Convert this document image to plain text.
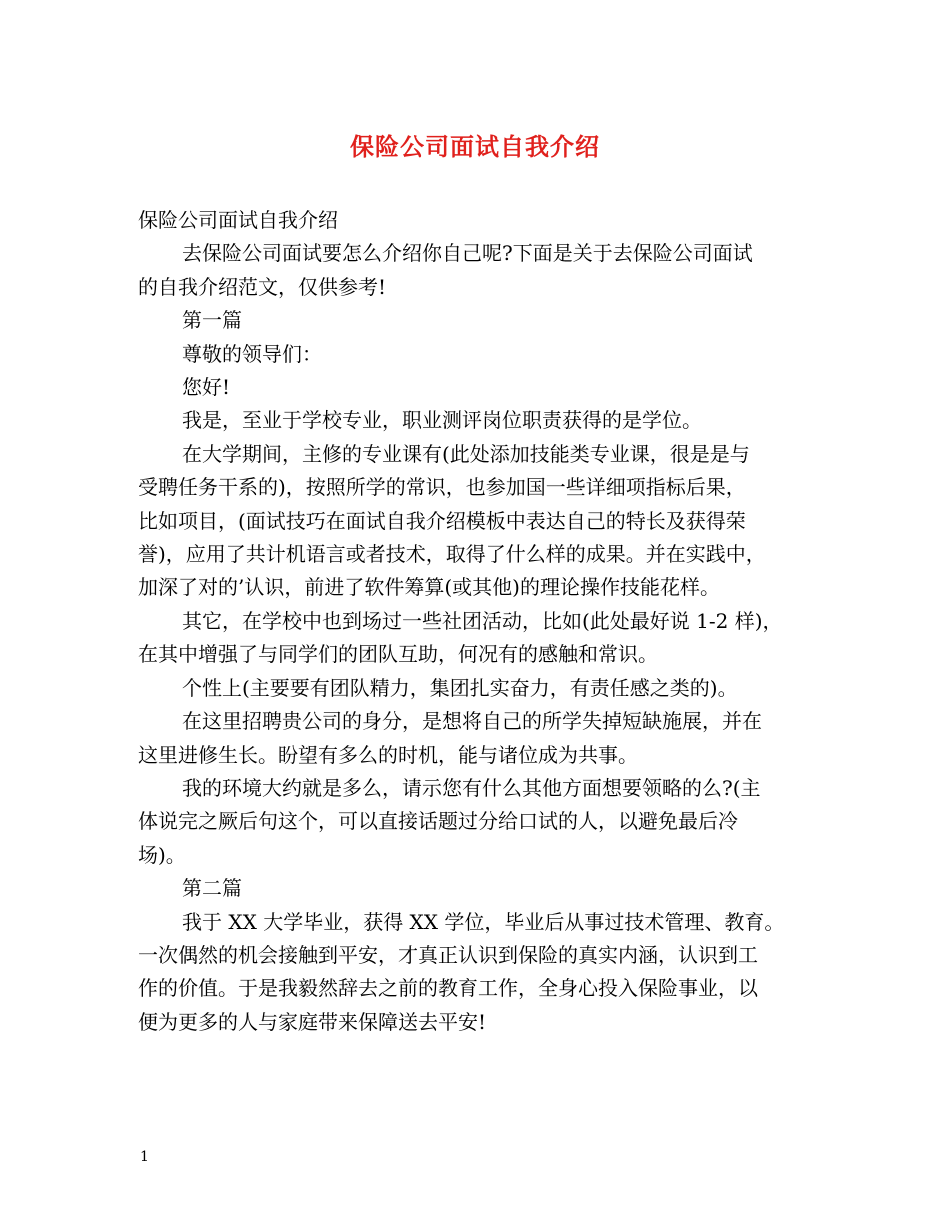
保险公司面试自我介绍

保险公司面试自我介绍

去保险公司面试要怎么介绍你自己呢?下面是关于去保险公司面试

的自我介绍范文，仅供参考!

第一篇

尊敬的领导们：

您好!

我是，至业于学校专业，职业测评岗位职责获得的是学位。

在大学期间，主修的专业课有(此处添加技能类专业课，很是是与

受聘任务干系的)，按照所学的常识，也参加国一些详细项指标后果，

比如项目，(面试技巧在面试自我介绍模板中表达自己的特长及获得荣

誉)，应用了共计机语言或者技术，取得了什么样的成果。并在实践中，

加深了对的’认识，前进了软件筹算(或其他)的理论操作技能花样。

其它，在学校中也到场过一些社团活动，比如(此处最好说 1-2 样)，

在其中增强了与同学们的团队互助，何况有的感触和常识。

个性上(主要要有团队精力，集团扎实奋力，有责任感之类的)。

在这里招聘贵公司的身分，是想将自己的所学失掉短缺施展，并在

这里进修生长。盼望有多么的时机，能与诸位成为共事。

我的环境大约就是多么，请示您有什么其他方面想要领略的么?(主

体说完之厥后句这个，可以直接话题过分给口试的人，以避免最后冷

场)。

第二篇

我于 XX 大学毕业，获得 XX 学位，毕业后从事过技术管理、教育。

一次偶然的机会接触到平安，才真正认识到保险的真实内涵，认识到工

作的价值。于是我毅然辞去之前的教育工作，全身心投入保险事业，以

便为更多的人与家庭带来保障送去平安!

1
